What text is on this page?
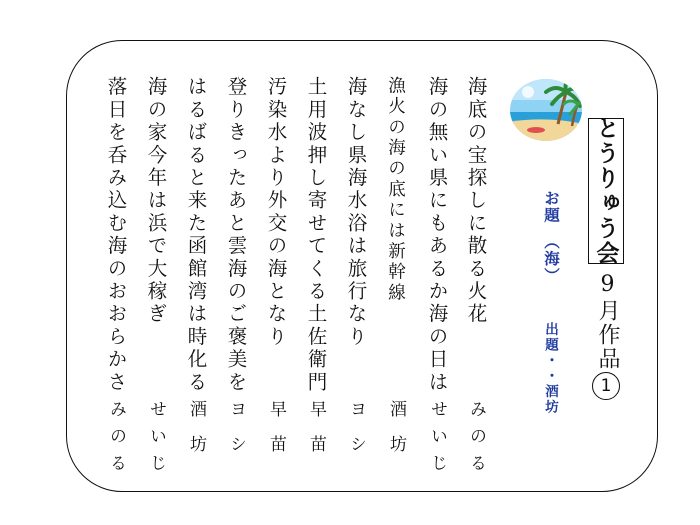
とうりゅう会
9月作品
1
お題　（海）
出題・・酒坊
海底の宝探しに散る火花
みのる
海の無い県にもあるか海の日は
せいじ
漁火の海の底には新幹線
酒坊
海なし県海水浴は旅行なり
ヨシ
土用波押し寄せてくる土佐衛門
早苗
汚染水より外交の海となり
早苗
登りきったあと雲海のご褒美を
ヨシ
はるばると来た函館湾は時化る
酒坊
海の家今年は浜で大稼ぎ
せいじ
落日を呑み込む海のおおらかさ
みのる
